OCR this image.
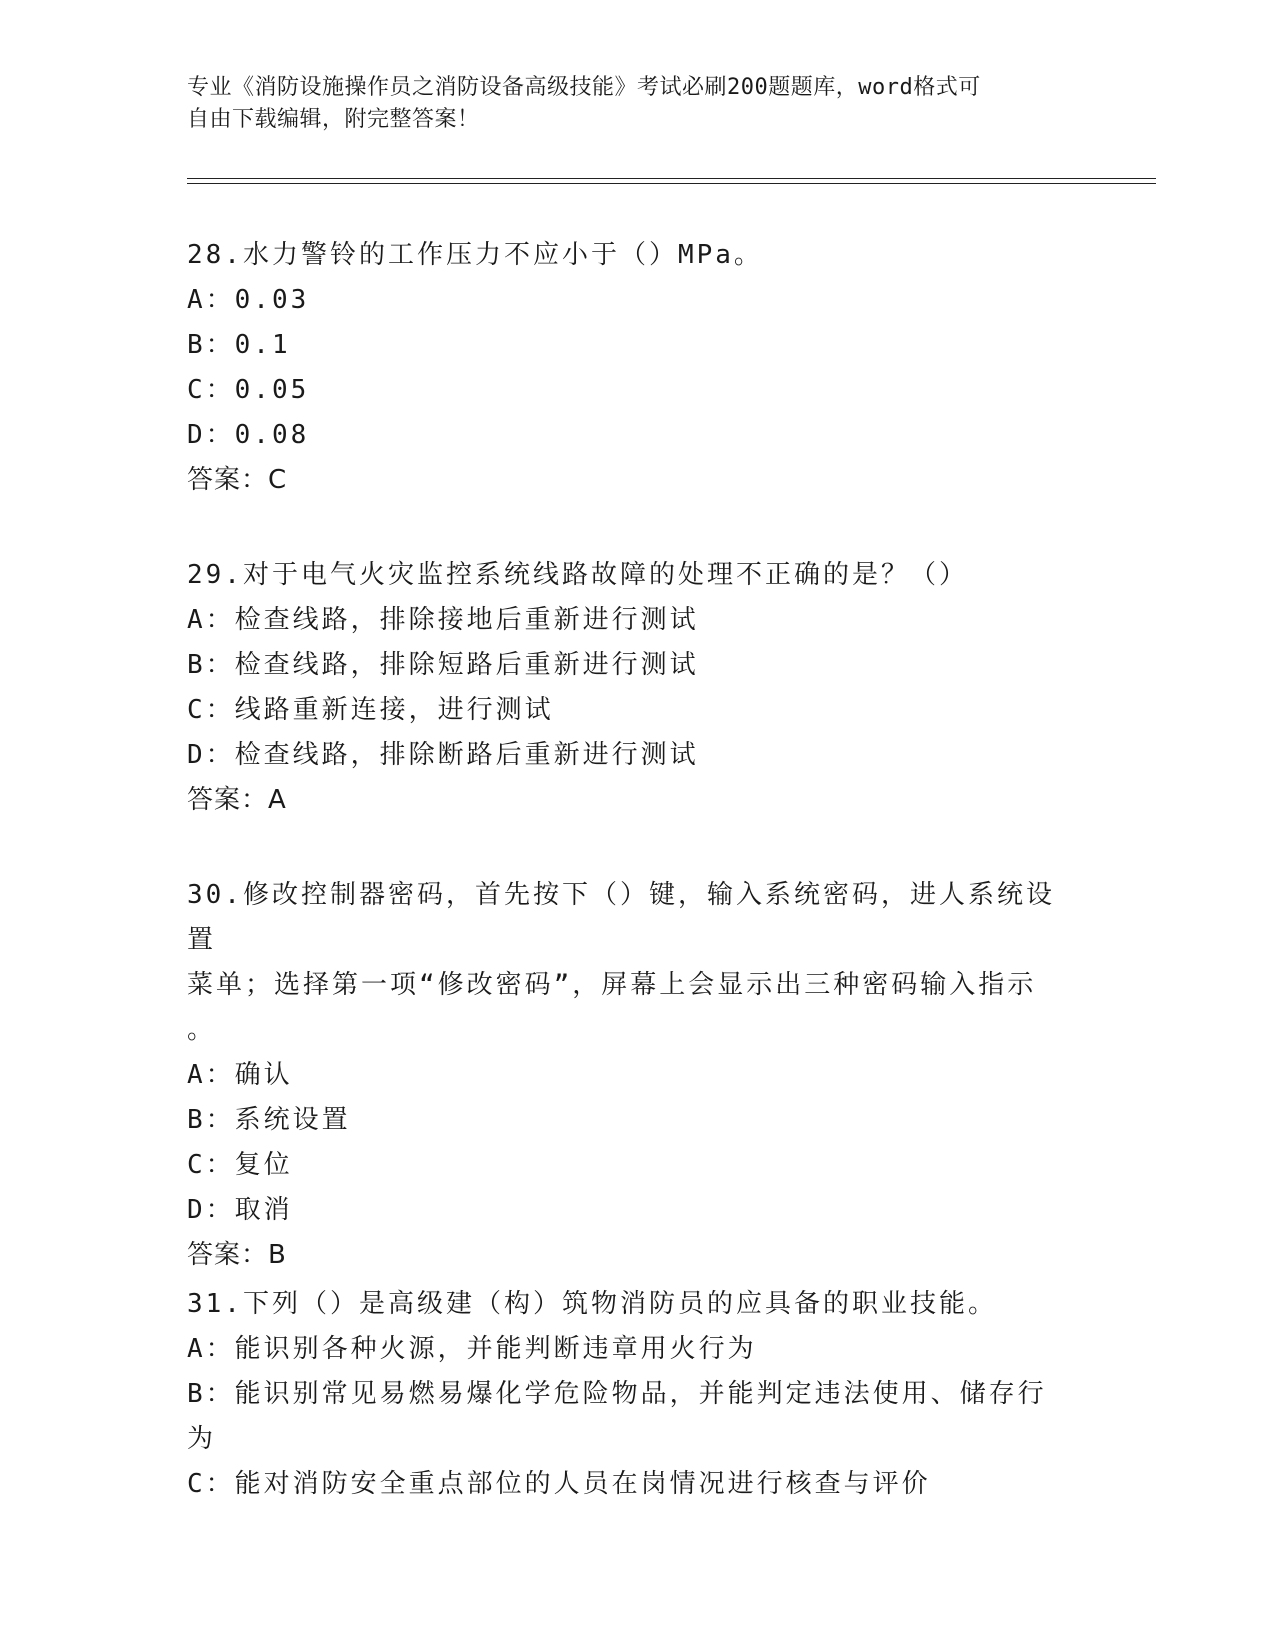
专业《消防设施操作员之消防设备高级技能》考试必刷200题题库，word格式可
自由下载编辑，附完整答案！

28.水力警铃的工作压力不应小于（）MPa。

A：0.03

B：0.1

C：0.05

D：0.08

答案：C

29.对于电气火灾监控系统线路故障的处理不正确的是？（）

A：检查线路，排除接地后重新进行测试

B：检查线路，排除短路后重新进行测试

C：线路重新连接，进行测试

D：检查线路，排除断路后重新进行测试

答案：A

30.修改控制器密码，首先按下（）键，输入系统密码，进人系统设置

菜单；选择第一项“修改密码”，屏幕上会显示出三种密码输入指示

。

A：确认

B：系统设置

C：复位

D：取消

答案：B

31.下列（）是高级建（构）筑物消防员的应具备的职业技能。

A：能识别各种火源，并能判断违章用火行为

B：能识别常见易燃易爆化学危险物品，并能判定违法使用、储存行为

C：能对消防安全重点部位的人员在岗情况进行核查与评价
